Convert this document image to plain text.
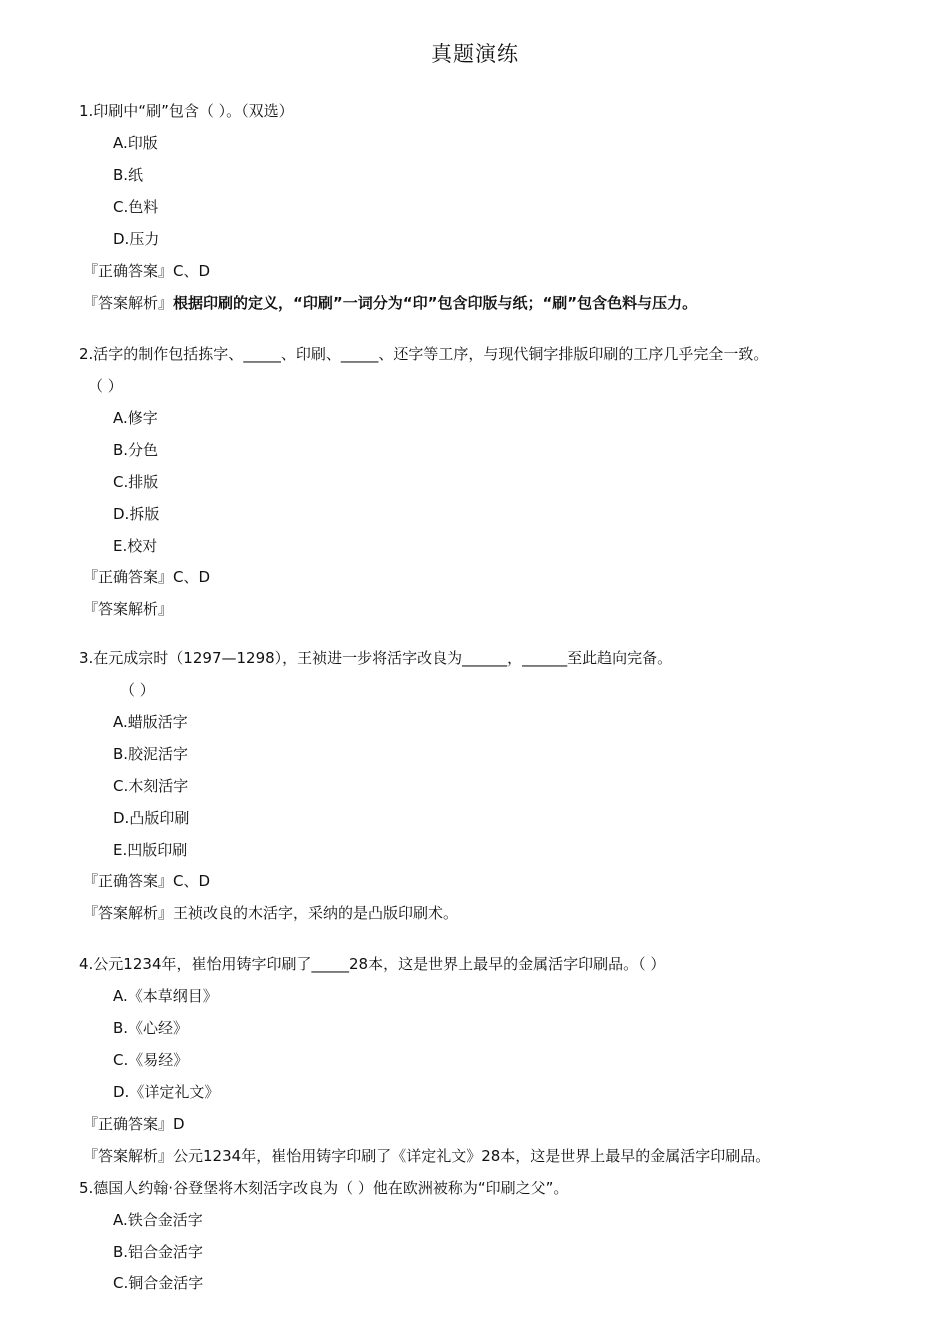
真题演练
1.印刷中“刷”包含（ ）。（双选）
A.印版
B.纸
C.色料
D.压力
『正确答案』C、D
『答案解析』根据印刷的定义，“印刷”一词分为“印”包含印版与纸；“刷”包含色料与压力。
2.活字的制作包括拣字、_____、印刷、_____、还字等工序，与现代铜字排版印刷的工序几乎完全一致。
（ ）
A.修字
B.分色
C.排版
D.拆版
E.校对
『正确答案』C、D
『答案解析』
3.在元成宗时（1297—1298），王祯进一步将活字改良为______，______至此趋向完备。
（ ）
A.蜡版活字
B.胶泥活字
C.木刻活字
D.凸版印刷
E.凹版印刷
『正确答案』C、D
『答案解析』王祯改良的木活字，采纳的是凸版印刷术。
4.公元1234年，崔怡用铸字印刷了_____28本，这是世界上最早的金属活字印刷品。（ ）
A.《本草纲目》
B.《心经》
C.《易经》
D.《详定礼文》
『正确答案』D
『答案解析』公元1234年，崔怡用铸字印刷了《详定礼文》28本，这是世界上最早的金属活字印刷品。
5.德国人约翰·谷登堡将木刻活字改良为（ ）他在欧洲被称为“印刷之父”。
A.铁合金活字
B.铝合金活字
C.铜合金活字
